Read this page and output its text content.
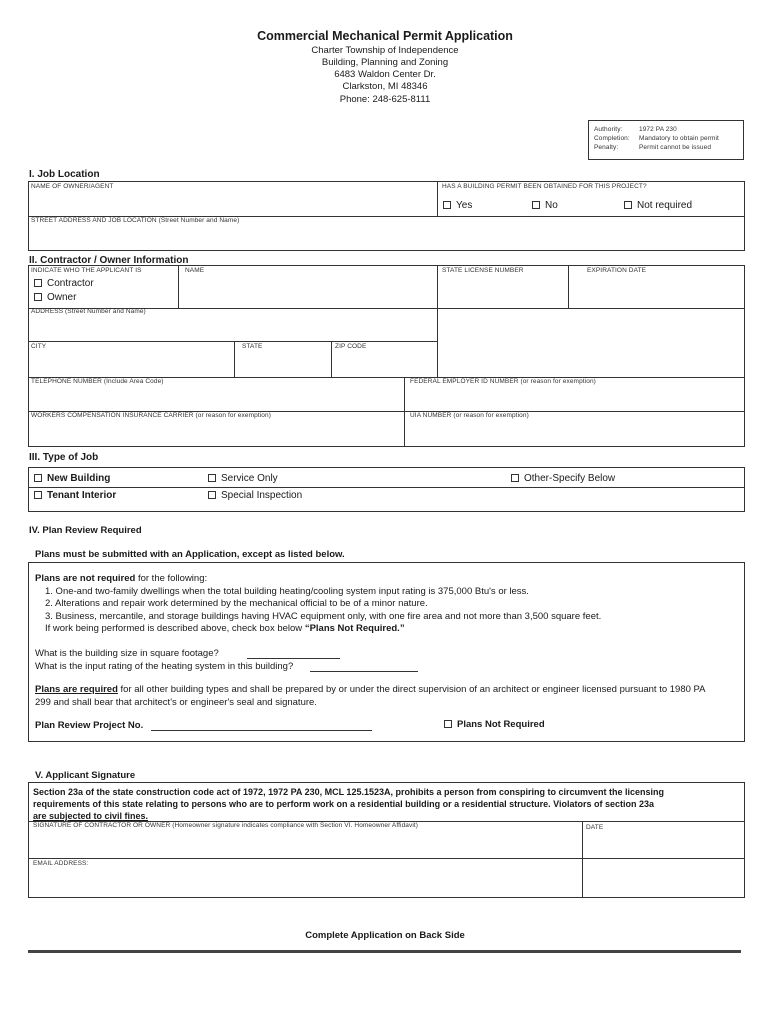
Commercial Mechanical Permit Application
Charter Township of Independence
Building, Planning and Zoning
6483 Waldon Center Dr.
Clarkston, MI 48346
Phone: 248-625-8111
Authority:	1972 PA 230
Completion: Mandatory to obtain permit
Penalty:	Permit cannot be issued
I. Job Location
NAME OF OWNER/AGENT	HAS A BUILDING PERMIT BEEN OBTAINED FOR THIS PROJECT?
Yes	No	Not required
STREET ADDRESS AND JOB LOCATION (Street Number and Name)
II. Contractor / Owner Information
INDICATE WHO THE APPLICANT IS
Contractor
Owner
NAME	STATE LICENSE NUMBER	EXPIRATION DATE
ADDRESS (Street Number and Name)
CITY	STATE	ZIP CODE
TELEPHONE NUMBER (Include Area Code)	FEDERAL EMPLOYER ID NUMBER (or reason for exemption)
WORKERS COMPENSATION INSURANCE CARRIER (or reason for exemption)	UIA NUMBER (or reason for exemption)
III. Type of Job
New Building	Service Only	Other-Specify Below
Tenant Interior	Special Inspection
IV. Plan Review Required
Plans must be submitted with an Application, except as listed below.
Plans are not required for the following:
1. One-and two-family dwellings when the total building heating/cooling system input rating is 375,000 Btu's or less.
2. Alterations and repair work determined by the mechanical official to be of a minor nature.
3. Business, mercantile, and storage buildings having HVAC equipment only, with one fire area and not more than 3,500 square feet.
If work being performed is described above, check box below “Plans Not Required.”
What is the building size in square footage?
What is the input rating of the heating system in this building?
Plans are required for all other building types and shall be prepared by or under the direct supervision of an architect or engineer licensed pursuant to 1980 PA
299 and shall bear that architect's or engineer's seal and signature.
Plan Review Project No.	Plans Not Required
V. Applicant Signature
Section 23a of the state construction code act of 1972, 1972 PA 230, MCL 125.1523A, prohibits a person from conspiring to circumvent the licensing
requirements of this state relating to persons who are to perform work on a residential building or a residential structure. Violators of section 23a
are subjected to civil fines.
SIGNATURE OF CONTRACTOR OR OWNER (Homeowner signature indicates compliance with Section VI. Homeowner Affidavit)	DATE
EMAIL ADDRESS:
Complete Application on Back Side
